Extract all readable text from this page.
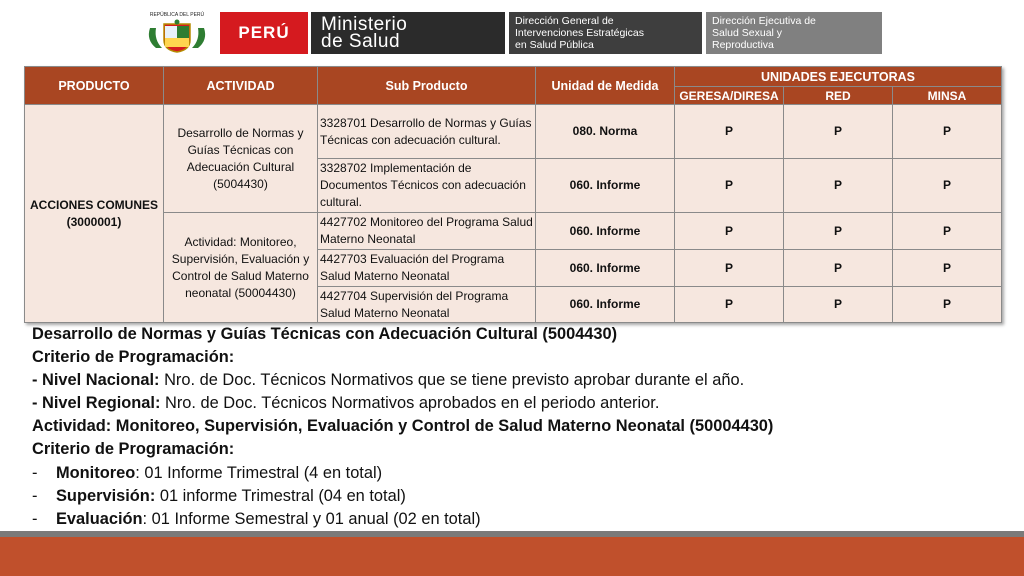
REPÚBLICA DEL PERÚ
PERÚ	Ministerio
de Salud
Dirección General de
Intervenciones Estratégicas
en Salud Pública
Dirección Ejecutiva de
Salud Sexual y
Reproductiva
PRODUCTO	ACTIVIDAD	Sub Producto	Unidad de Medida	UNIDADES EJECUTORAS		
				GERESA/DIRESA	RED	MINSA
ACCIONES COMUNES (3000001)	Desarrollo de Normas y Guías Técnicas con Adecuación Cultural (5004430)	3328701 Desarrollo de Normas y Guías Técnicas con adecuación cultural.	080. Norma	P	P	P
		3328702 Implementación de Documentos Técnicos con adecuación cultural.	060. Informe	P	P	P
	Actividad: Monitoreo, Supervisión, Evaluación y Control de Salud Materno neonatal (50004430)	4427702 Monitoreo del Programa Salud Materno Neonatal	060. Informe	P	P	P
		4427703 Evaluación del Programa Salud Materno Neonatal	060. Informe	P	P	P
		4427704 Supervisión del Programa Salud Materno Neonatal	060. Informe	P	P	P
Desarrollo de Normas y Guías Técnicas con Adecuación Cultural (5004430)
Criterio de Programación:
- Nivel Nacional: Nro. de Doc. Técnicos Normativos que se tiene previsto aprobar durante el año.
- Nivel Regional: Nro. de Doc. Técnicos Normativos aprobados en el periodo anterior.
Actividad: Monitoreo, Supervisión, Evaluación y Control de Salud Materno Neonatal (50004430)
Criterio de Programación:
- Monitoreo: 01 Informe Trimestral (4 en total)
- Supervisión: 01 informe Trimestral (04 en total)
- Evaluación: 01 Informe Semestral y 01 anual (02 en total)
